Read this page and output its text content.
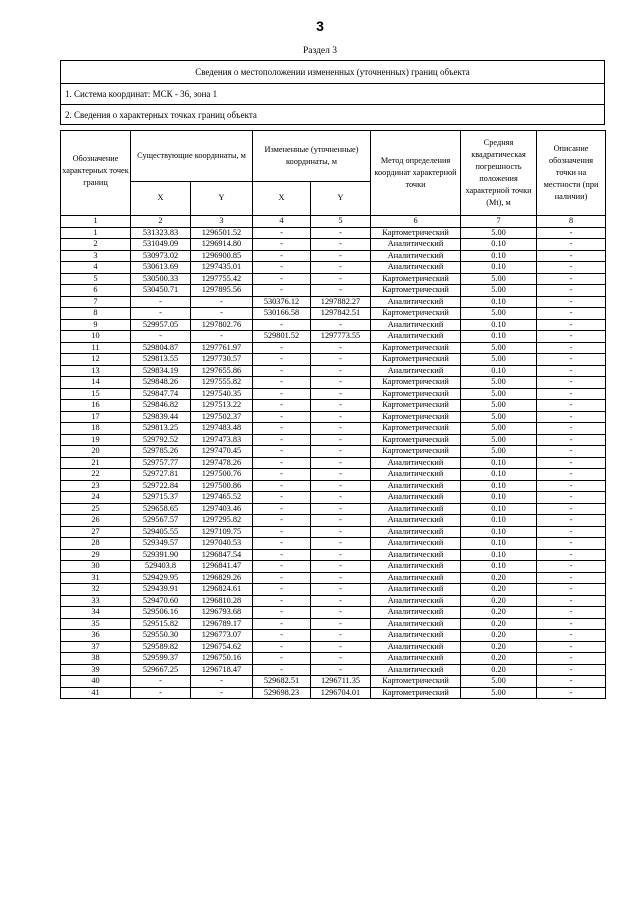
3
Раздел 3
Сведения о местоположении измененных (уточненных) границ объекта
1. Система координат: МСК - 36, зона 1
2. Сведения о характерных точках границ объекта
Обозначение характерных точек границ	Существующие координаты, м		Измененные (уточненные) координаты, м		Метод определения координат характерной точки	Средняя квадратическая погрешность положения характерной точки (Mt), м	Описание обозначения точки на местности (при наличии)
	X	Y	X	Y			
1	2	3	4	5	6	7	8
1	531323.83	1296501.52	-	-	Картометрический	5.00	-
2	531049.09	1296914.80	-	-	Аналитический	0.10	-
3	530973.02	1296900.85	-	-	Аналитический	0.10	-
4	530613.69	1297435.01	-	-	Аналитический	0.10	-
5	530500.33	1297755.42	-	-	Картометрический	5.00	-
6	530450.71	1297895.56	-	-	Картометрический	5.00	-
7	-	-	530376.12	1297882.27	Аналитический	0.10	-
8	-	-	530166.58	1297842.51	Картометрический	5.00	-
9	529957.05	1297802.76	-	-	Аналитический	0.10	-
10	-	-	529801.52	1297773.55	Аналитический	0.10	-
11	529804.87	1297761.97	-	-	Картометрический	5.00	-
12	529813.55	1297730.57	-	-	Картометрический	5.00	-
13	529834.19	1297655.86	-	-	Аналитический	0.10	-
14	529848.26	1297555.82	-	-	Картометрический	5.00	-
15	529847.74	1297540.35	-	-	Картометрический	5.00	-
16	529846.82	1297513.22	-	-	Картометрический	5.00	-
17	529839.44	1297502.37	-	-	Картометрический	5.00	-
18	529813.25	1297483.48	-	-	Картометрический	5.00	-
19	529792.52	1297473.83	-	-	Картометрический	5.00	-
20	529785.26	1297470.45	-	-	Картометрический	5.00	-
21	529757.77	1297478.26	-	-	Аналитический	0.10	-
22	529727.81	1297500.76	-	-	Аналитический	0.10	-
23	529722.84	1297500.86	-	-	Аналитический	0.10	-
24	529715.37	1297465.52	-	-	Аналитический	0.10	-
25	529658.65	1297403.46	-	-	Аналитический	0.10	-
26	529567.57	1297295.82	-	-	Аналитический	0.10	-
27	529405.55	1297109.75	-	-	Аналитический	0.10	-
28	529349.57	1297040.53	-	-	Аналитический	0.10	-
29	529391.90	1296847.54	-	-	Аналитический	0.10	-
30	529403.8	1296841.47	-	-	Аналитический	0.10	-
31	529429.95	1296829.26	-	-	Аналитический	0.20	-
32	529439.91	1296824.61	-	-	Аналитический	0.20	-
33	529470.60	1296810.28	-	-	Аналитический	0.20	-
34	529506.16	1296793.68	-	-	Аналитический	0.20	-
35	529515.82	1296789.17	-	-	Аналитический	0.20	-
36	529550.30	1296773.07	-	-	Аналитический	0.20	-
37	529589.82	1296754.62	-	-	Аналитический	0.20	-
38	529599.37	1296750.16	-	-	Аналитический	0.20	-
39	529667.25	1296718.47	-	-	Аналитический	0.20	-
40	-	-	529682.51	1296711.35	Картометрический	5.00	-
41	-	-	529698.23	1296704.01	Картометрический	5.00	-
